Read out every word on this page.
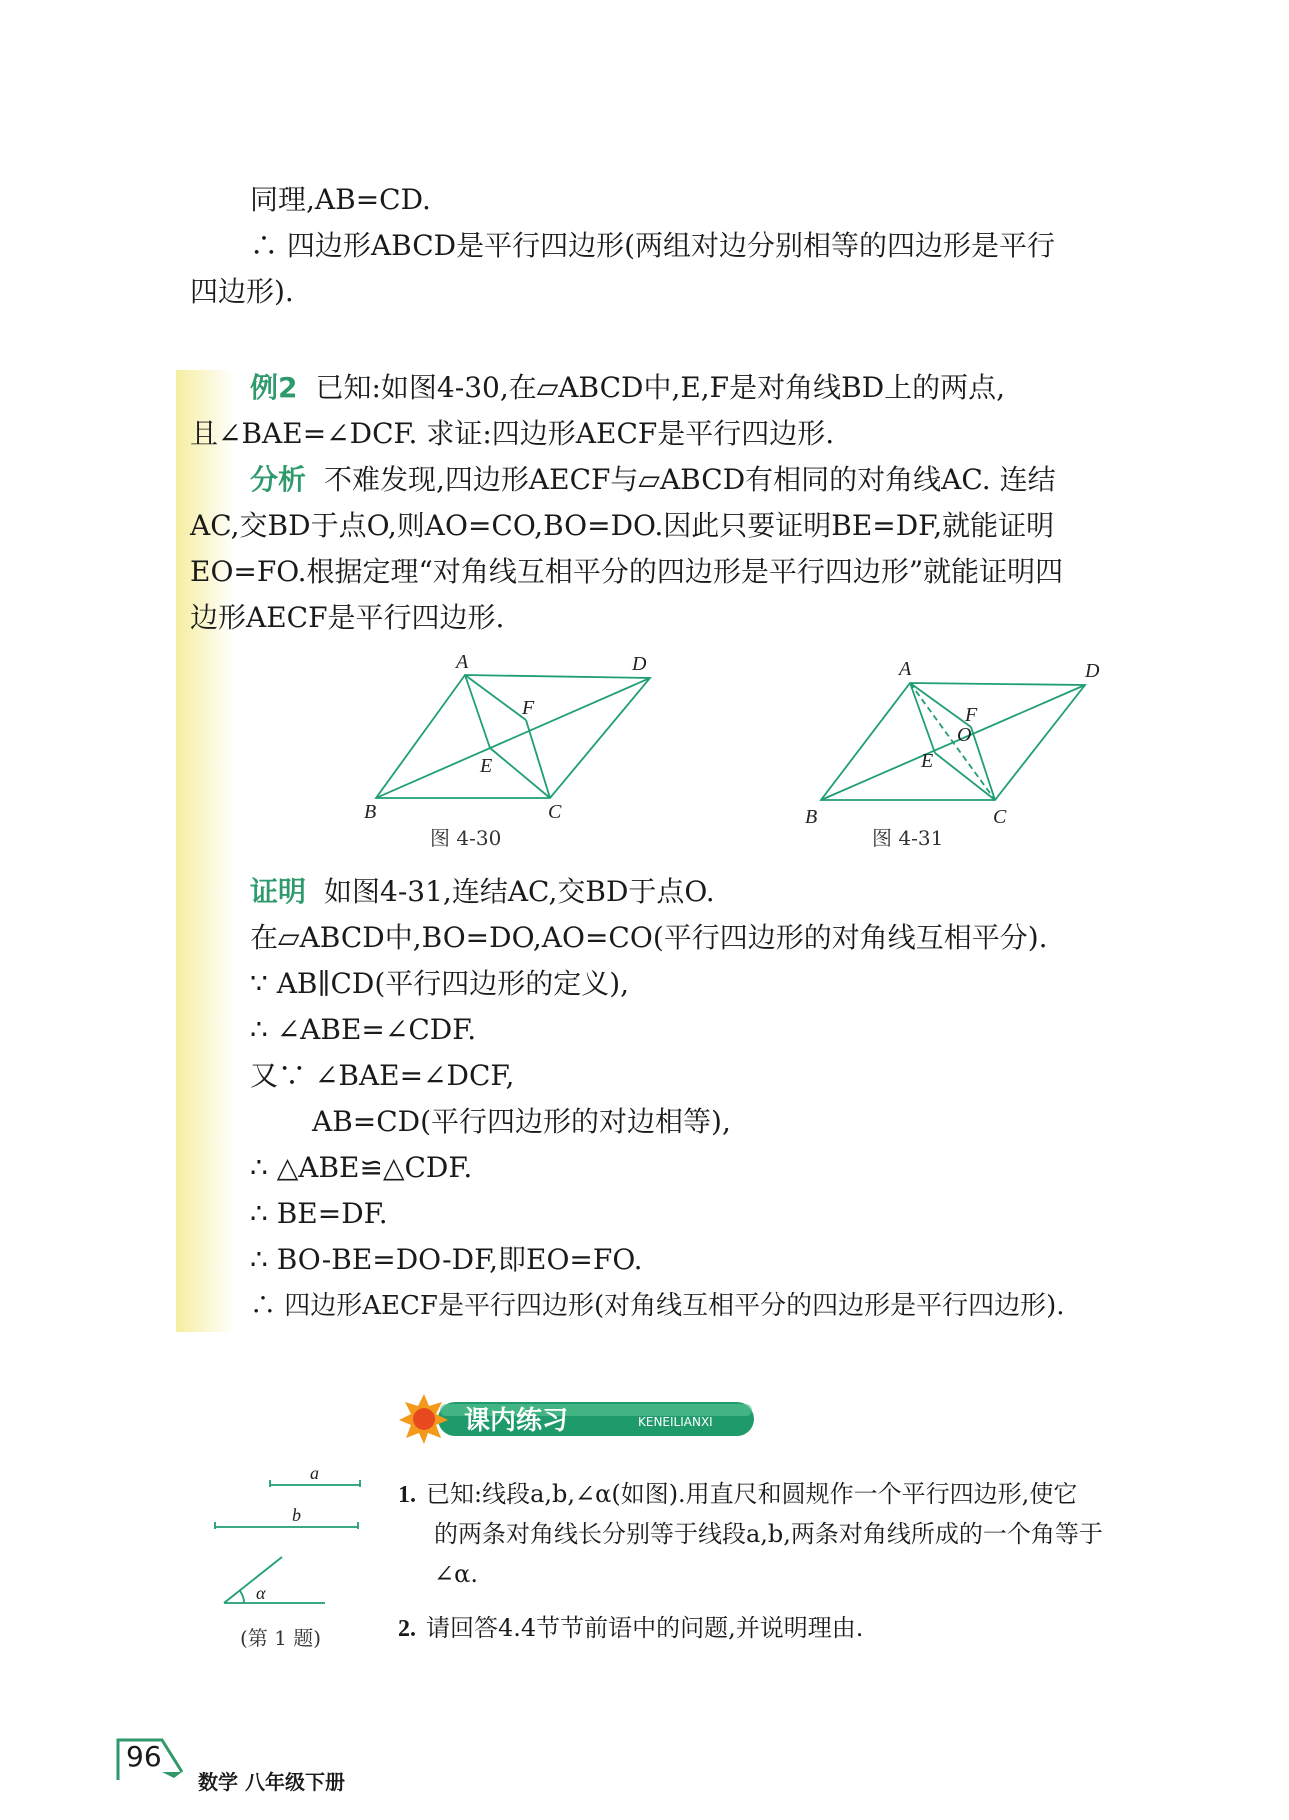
同理,AB=CD.
∴ 四边形ABCD是平行四边形(两组对边分别相等的四边形是平行
四边形).
例2 已知:如图4-30,在▱ABCD中,E,F是对角线BD上的两点,
且∠BAE=∠DCF. 求证:四边形AECF是平行四边形.
分析 不难发现,四边形AECF与▱ABCD有相同的对角线AC. 连结
AC,交BD于点O,则AO=CO,BO=DO.因此只要证明BE=DF,就能证明
EO=FO.根据定理“对角线互相平分的四边形是平行四边形”就能证明四
边形AECF是平行四边形.
A	D
F
E
B	C
图 4-30
A	D
F
O
E
B	C
图 4-31
证明 如图4-31,连结AC,交BD于点O.
在▱ABCD中,BO=DO,AO=CO(平行四边形的对角线互相平分).
∵ AB∥CD(平行四边形的定义),
∴ ∠ABE=∠CDF.
又∵ ∠BAE=∠DCF,
AB=CD(平行四边形的对边相等),
∴ △ABE≌△CDF.
∴ BE=DF.
∴ BO-BE=DO-DF,即EO=FO.
∴ 四边形AECF是平行四边形(对角线互相平分的四边形是平行四边形).
课内练习	KENEILIANXI
a
b
α
(第 1 题)
1. 已知:线段a,b,∠α(如图).用直尺和圆规作一个平行四边形,使它
的两条对角线长分别等于线段a,b,两条对角线所成的一个角等于
∠α.
2. 请回答4.4节节前语中的问题,并说明理由.
96
数学 八年级下册
